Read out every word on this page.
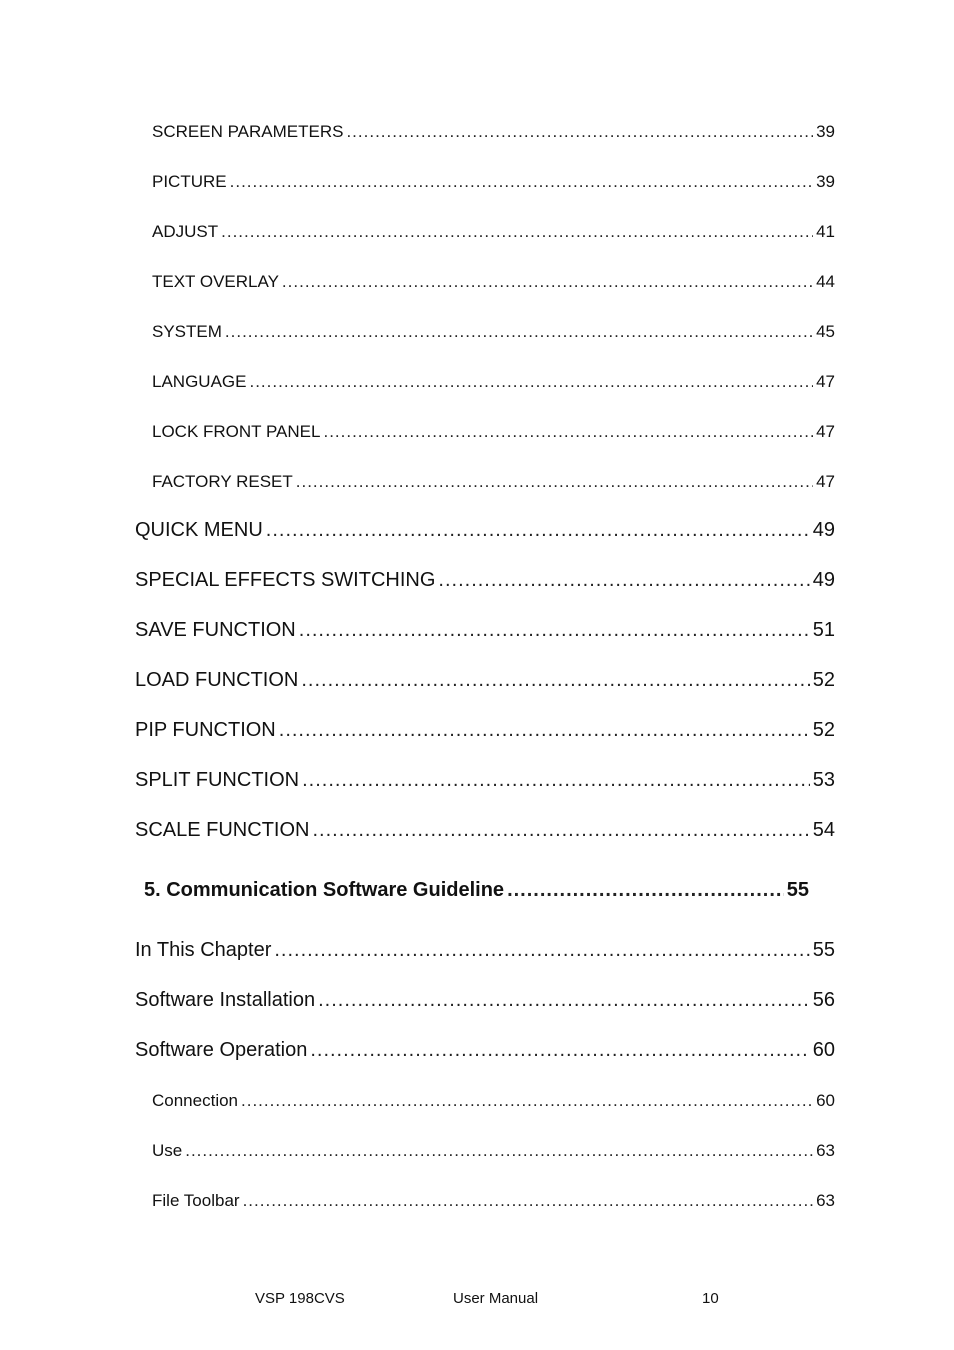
SCREEN PARAMETERS .....	39
PICTURE .....	39
ADJUST .....	41
TEXT OVERLAY .....	44
SYSTEM .....	45
LANGUAGE .....	47
LOCK FRONT PANEL .....	47
FACTORY RESET .....	47
QUICK MENU .....	49
SPECIAL EFFECTS SWITCHING .....	49
SAVE FUNCTION .....	51
LOAD FUNCTION .....	52
PIP FUNCTION .....	52
SPLIT FUNCTION .....	53
SCALE FUNCTION .....	54
5. Communication Software Guideline .....	55
In This Chapter .....	55
Software Installation .....	56
Software Operation .....	60
Connection .....	60
Use .....	63
File Toolbar .....	63
VSP 198CVS	User Manual	10
